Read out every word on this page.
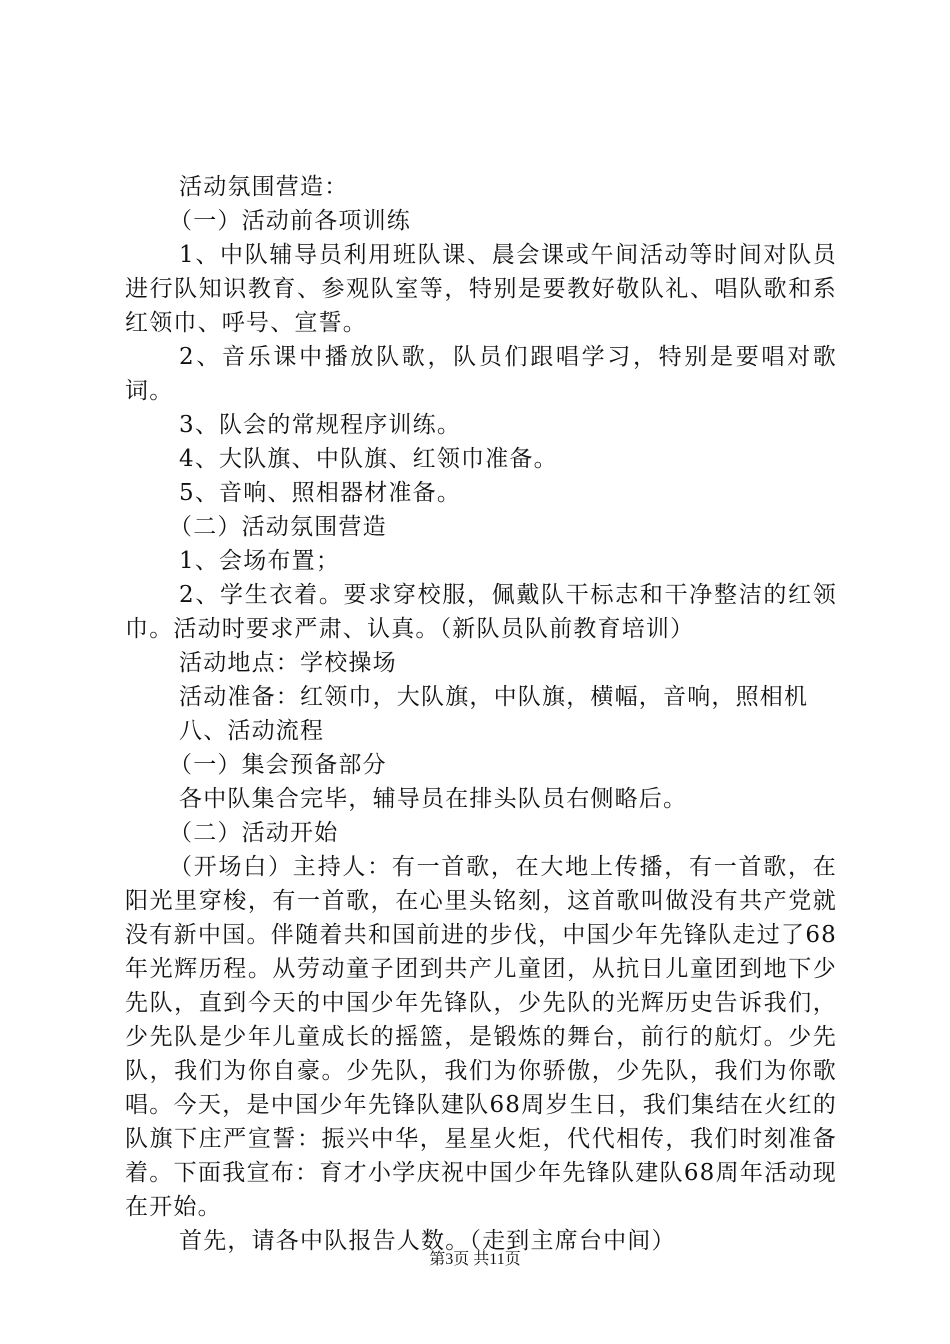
活动氛围营造：

（一）活动前各项训练

1、中队辅导员利用班队课、晨会课或午间活动等时间对队员进行队知识教育、参观队室等，特别是要教好敬队礼、唱队歌和系红领巾、呼号、宣誓。

2、音乐课中播放队歌，队员们跟唱学习，特别是要唱对歌词。

3、队会的常规程序训练。

4、大队旗、中队旗、红领巾准备。

5、音响、照相器材准备。

（二）活动氛围营造

1、会场布置；

2、学生衣着。要求穿校服，佩戴队干标志和干净整洁的红领巾。活动时要求严肃、认真。（新队员队前教育培训）

活动地点：学校操场

活动准备：红领巾，大队旗，中队旗，横幅，音响，照相机

八、活动流程

（一）集会预备部分

各中队集合完毕，辅导员在排头队员右侧略后。

（二）活动开始

（开场白）主持人：有一首歌，在大地上传播，有一首歌，在阳光里穿梭，有一首歌，在心里头铭刻，这首歌叫做没有共产党就没有新中国。伴随着共和国前进的步伐，中国少年先锋队走过了68年光辉历程。从劳动童子团到共产儿童团，从抗日儿童团到地下少先队，直到今天的中国少年先锋队，少先队的光辉历史告诉我们，少先队是少年儿童成长的摇篮，是锻炼的舞台，前行的航灯。少先队，我们为你自豪。少先队，我们为你骄傲，少先队，我们为你歌唱。今天，是中国少年先锋队建队68周岁生日，我们集结在火红的队旗下庄严宣誓：振兴中华，星星火炬，代代相传，我们时刻准备着。下面我宣布：育才小学庆祝中国少年先锋队建队68周年活动现在开始。

首先，请各中队报告人数。（走到主席台中间）

第3页 共11页
